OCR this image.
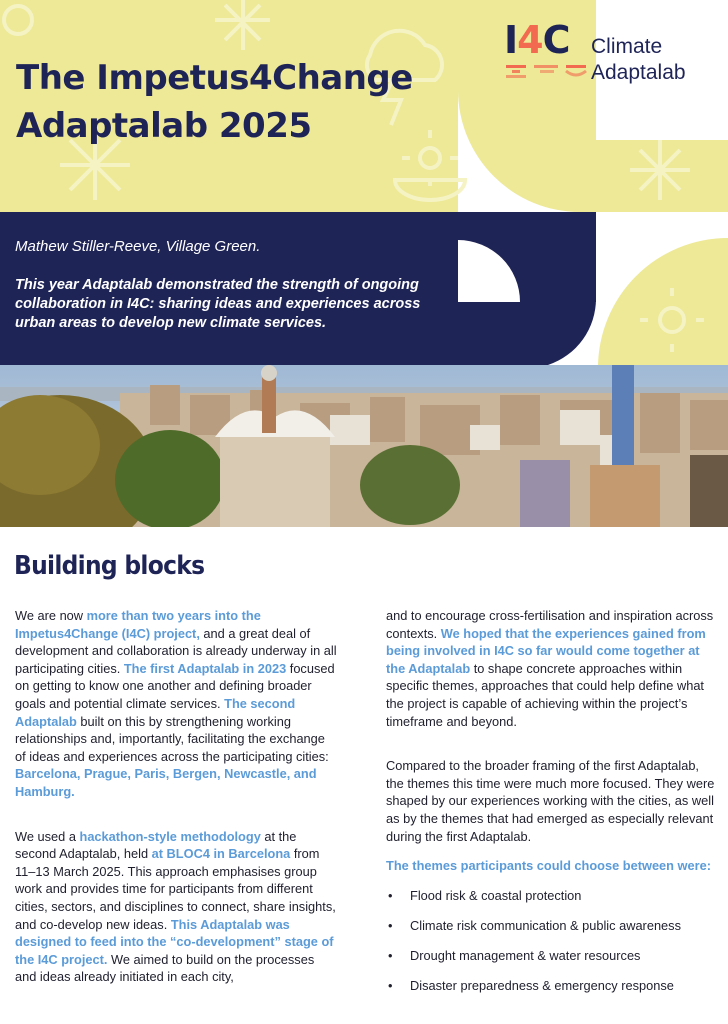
The Impetus4Change
Adaptalab 2025
I4C Climate
Adaptalab

Mathew Stiller-Reeve, Village Green.

This year Adaptalab demonstrated the strength of ongoing collaboration in I4C: sharing ideas and experiences across urban areas to develop new climate services.

Building blocks

We are now more than two years into the Impetus4Change (I4C) project, and a great deal of development and collaboration is already underway in all participating cities. The first Adaptalab in 2023 focused on getting to know one another and defining broader goals and potential climate services. The second Adaptalab built on this by strengthening working relationships and, importantly, facilitating the exchange of ideas and experiences across the participating cities: Barcelona, Prague, Paris, Bergen, Newcastle, and Hamburg.

We used a hackathon-style methodology at the second Adaptalab, held at BLOC4 in Barcelona from 11–13 March 2025. This approach emphasises group work and provides time for participants from different cities, sectors, and disciplines to connect, share insights, and co-develop new ideas. This Adaptalab was designed to feed into the “co-development” stage of the I4C project. We aimed to build on the processes and ideas already initiated in each city,

and to encourage cross-fertilisation and inspiration across contexts. We hoped that the experiences gained from being involved in I4C so far would come together at the Adaptalab to shape concrete approaches within specific themes, approaches that could help define what the project is capable of achieving within the project’s timeframe and beyond.

Compared to the broader framing of the first Adaptalab, the themes this time were much more focused. They were shaped by our experiences working with the cities, as well as by the themes that had emerged as especially relevant during the first Adaptalab.

The themes participants could choose between were:

• Flood risk & coastal protection
• Climate risk communication & public awareness
• Drought management & water resources
• Disaster preparedness & emergency response
